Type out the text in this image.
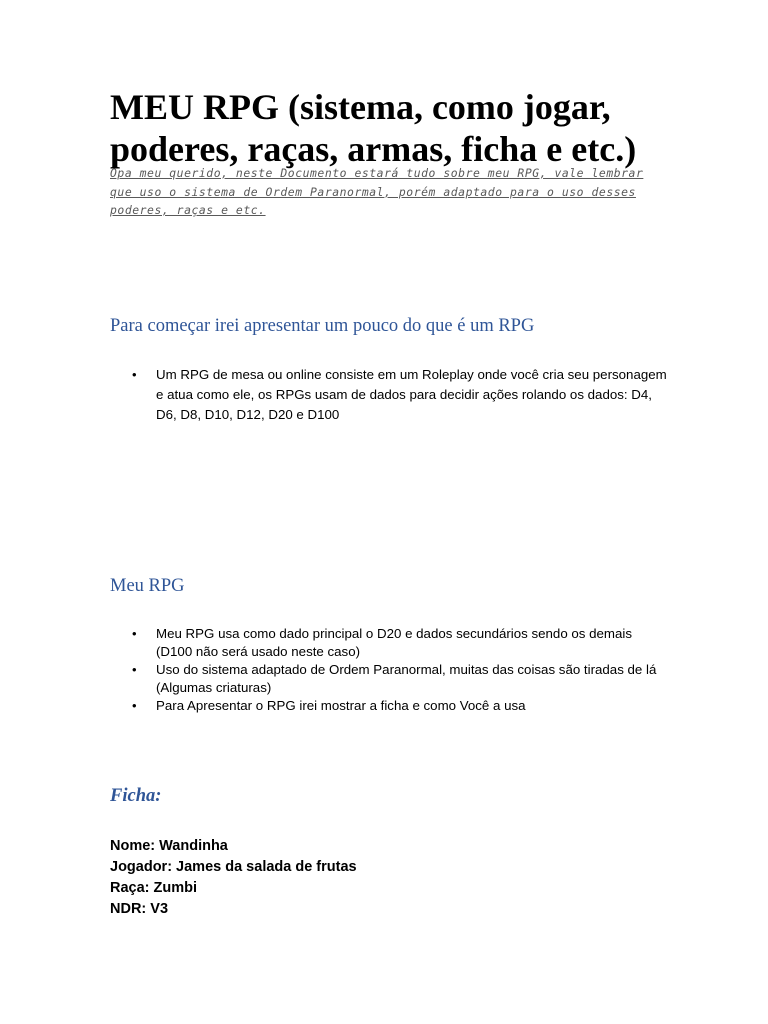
MEU RPG (sistema, como jogar, poderes, raças, armas, ficha e etc.)

Opa meu querido, neste Documento estará tudo sobre meu RPG, vale lembrar que uso o sistema de Ordem Paranormal, porém adaptado para o uso desses poderes, raças e etc.

Para começar irei apresentar um pouco do que é um RPG
• Um RPG de mesa ou online consiste em um Roleplay onde você cria seu personagem e atua como ele, os RPGs usam de dados para decidir ações rolando os dados: D4, D6, D8, D10, D12, D20 e D100
Meu RPG
• Meu RPG usa como dado principal o D20 e dados secundários sendo os demais (D100 não será usado neste caso)
• Uso do sistema adaptado de Ordem Paranormal, muitas das coisas são tiradas de lá (Algumas criaturas)
• Para Apresentar o RPG irei mostrar a ficha e como Você a usa
Ficha:
Nome: Wandinha
Jogador: James da salada de frutas
Raça: Zumbi
NDR: V3
